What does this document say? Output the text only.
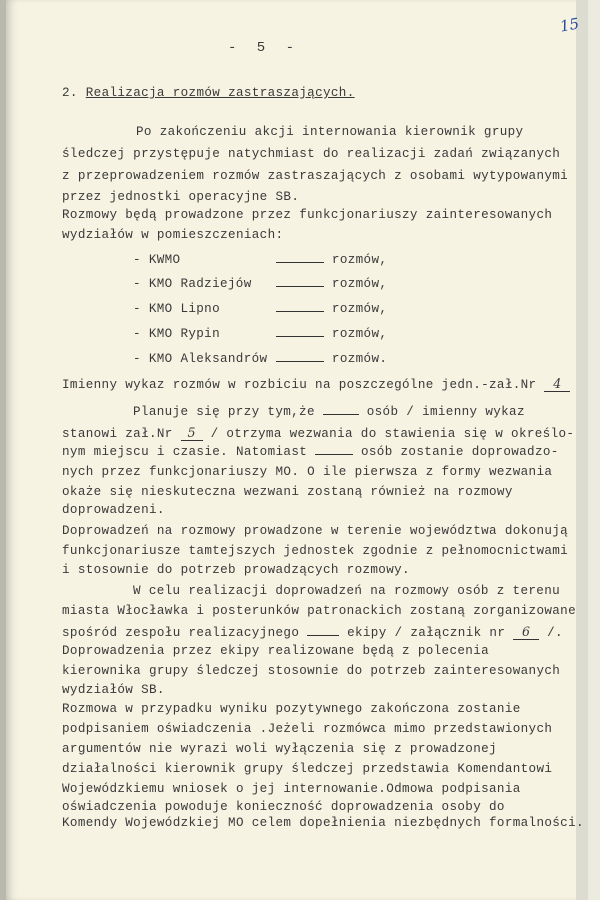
15
- 5 -
2. Realizacja rozmów zastraszających.
Po zakończeniu akcji internowania kierownik grupy
śledczej przystępuje natychmiast do realizacji zadań związanych
z przeprowadzeniem rozmów zastraszających z osobami wytypowanymi
przez jednostki operacyjne SB.
Rozmowy będą prowadzone przez funkcjonariuszy zainteresowanych
wydziałów w pomieszczeniach:
- KWMO	rozmów,
- KMO Radziejów	rozmów,
- KMO Lipno	rozmów,
- KMO Rypin	rozmów,
- KMO Aleksandrów	rozmów.
Imienny wykaz rozmów w rozbiciu na poszczególne jedn.-zał.Nr 4
Planuje się przy tym,że	osób / imienny wykaz
stanowi zał.Nr 5 / otrzyma wezwania do stawienia się w określo-
nym miejscu i czasie. Natomiast	osób zostanie doprowadzo-
nych przez funkcjonariuszy MO. O ile pierwsza z formy wezwania
okaże się nieskuteczna wezwani zostaną również na rozmowy
doprowadzeni.
Doprowadzeń na rozmowy prowadzone w terenie województwa dokonują
funkcjonariusze tamtejszych jednostek zgodnie z pełnomocnictwami
i stosownie do potrzeb prowadzących rozmowy.
W celu realizacji doprowadzeń na rozmowy osób z terenu
miasta Włocławka i posterunków patronackich zostaną zorganizowane
spośród zespołu realizacyjnego	ekipy / załącznik nr 6 /.
Doprowadzenia przez ekipy realizowane będą z polecenia
kierownika grupy śledczej stosownie do potrzeb zainteresowanych
wydziałów SB.
Rozmowa w przypadku wyniku pozytywnego zakończona zostanie
podpisaniem oświadczenia .Jeżeli rozmówca mimo przedstawionych
argumentów nie wyrazi woli wyłączenia się z prowadzonej
działalności kierownik grupy śledczej przedstawia Komendantowi
Wojewódzkiemu wniosek o jej internowanie.Odmowa podpisania
oświadczenia powoduje konieczność doprowadzenia osoby do
Komendy Wojewódzkiej MO celem dopełnienia niezbędnych formalności.
